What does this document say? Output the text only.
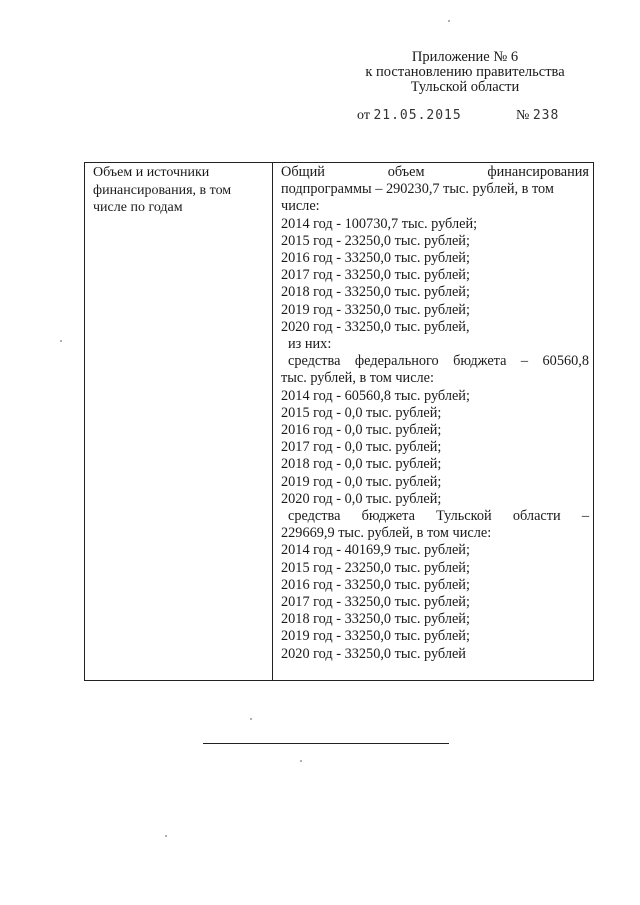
Приложение № 6
к постановлению правительства
Тульской области
от 21.05.2015	№ 238
Объем и источники
финансирования, в том
числе по годам

Общий объем финансирования
подпрограммы – 290230,7 тыс. рублей, в том
числе:
2014 год - 100730,7 тыс. рублей;
2015 год - 23250,0 тыс. рублей;
2016 год - 33250,0 тыс. рублей;
2017 год - 33250,0 тыс. рублей;
2018 год - 33250,0 тыс. рублей;
2019 год - 33250,0 тыс. рублей;
2020 год - 33250,0 тыс. рублей,
из них:
средства федерального бюджета – 60560,8
тыс. рублей, в том числе:
2014 год - 60560,8 тыс. рублей;
2015 год - 0,0 тыс. рублей;
2016 год - 0,0 тыс. рублей;
2017 год - 0,0 тыс. рублей;
2018 год - 0,0 тыс. рублей;
2019 год - 0,0 тыс. рублей;
2020 год - 0,0 тыс. рублей;
средства бюджета Тульской области –
229669,9 тыс. рублей, в том числе:
2014 год - 40169,9 тыс. рублей;
2015 год - 23250,0 тыс. рублей;
2016 год - 33250,0 тыс. рублей;
2017 год - 33250,0 тыс. рублей;
2018 год - 33250,0 тыс. рублей;
2019 год - 33250,0 тыс. рублей;
2020 год - 33250,0 тыс. рублей
